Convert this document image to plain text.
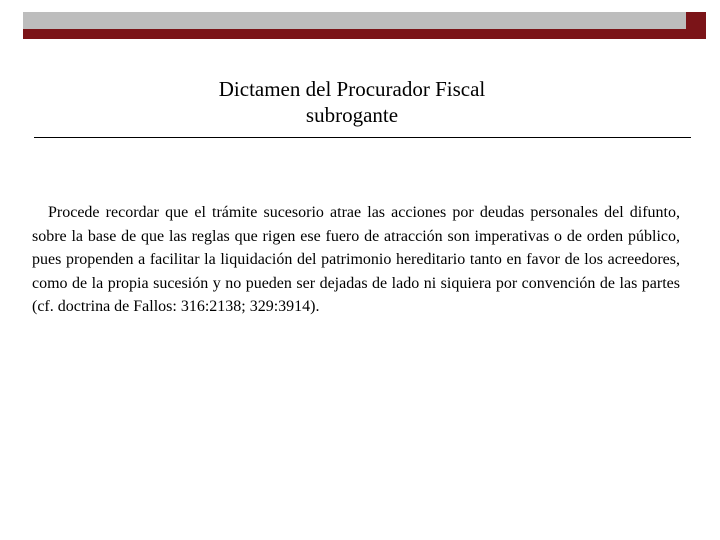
Dictamen del Procurador Fiscal
subrogante

Procede recordar que el trámite sucesorio atrae las acciones por deudas personales del difunto, sobre la base de que las reglas que rigen ese fuero de atracción son imperativas o de orden público, pues propenden a facilitar la liquidación del patrimonio hereditario tanto en favor de los acreedores, como de la propia sucesión y no pueden ser dejadas de lado ni siquiera por convención de las partes (cf. doctrina de Fallos: 316:2138; 329:3914).
